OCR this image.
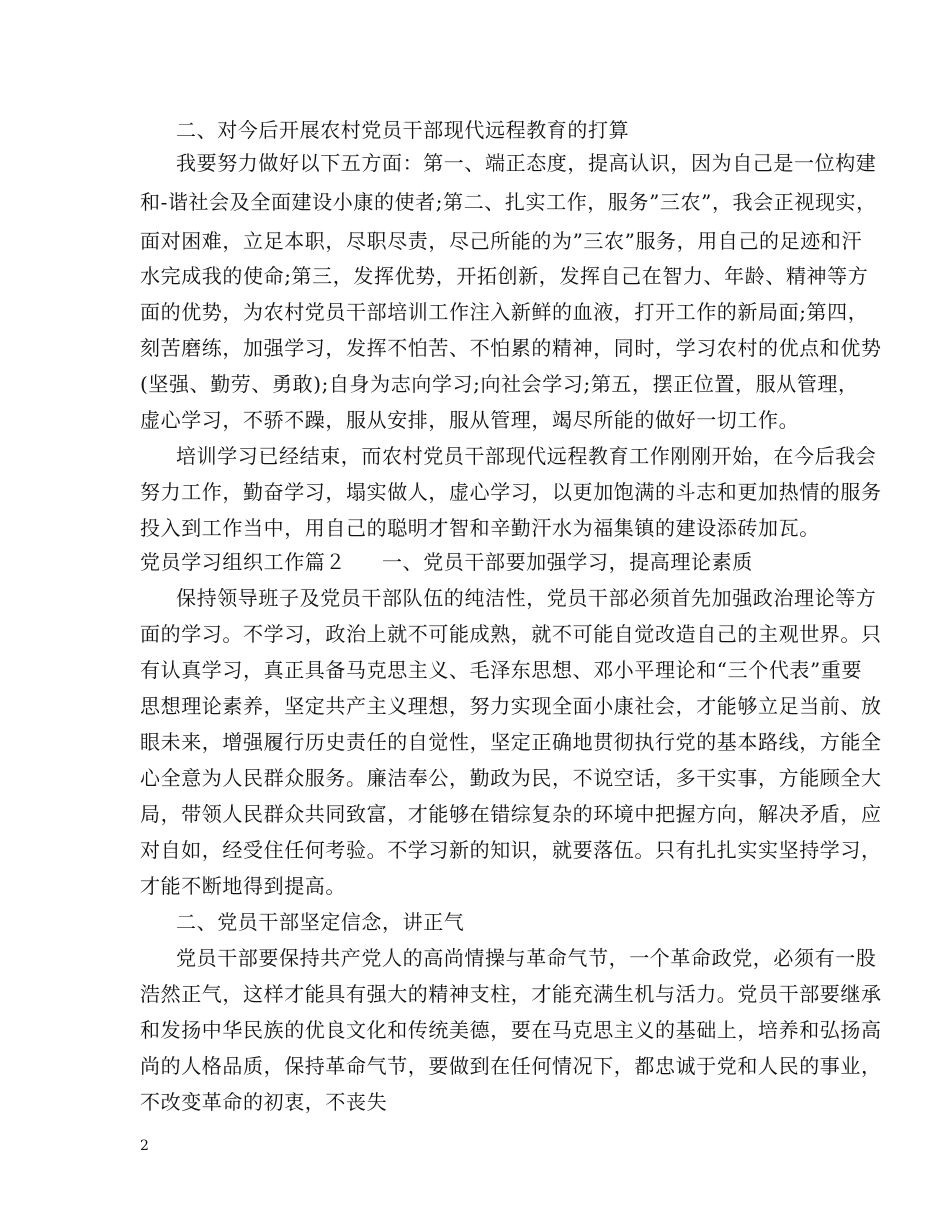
二、对今后开展农村党员干部现代远程教育的打算
我要努力做好以下五方面：第一、端正态度，提高认识，因为自己是一位构建
和-谐社会及全面建设小康的使者;第二、扎实工作，服务”三农”，我会正视现实，
面对困难，立足本职，尽职尽责，尽己所能的为”三农”服务，用自己的足迹和汗
水完成我的使命;第三，发挥优势，开拓创新，发挥自己在智力、年龄、精神等方
面的优势，为农村党员干部培训工作注入新鲜的血液，打开工作的新局面;第四，
刻苦磨练，加强学习，发挥不怕苦、不怕累的精神，同时，学习农村的优点和优势
(坚强、勤劳、勇敢);自身为志向学习;向社会学习;第五，摆正位置，服从管理，
虚心学习，不骄不躁，服从安排，服从管理，竭尽所能的做好一切工作。
培训学习已经结束，而农村党员干部现代远程教育工作刚刚开始，在今后我会
努力工作，勤奋学习，塌实做人，虚心学习，以更加饱满的斗志和更加热情的服务
投入到工作当中，用自己的聪明才智和辛勤汗水为福集镇的建设添砖加瓦。
党员学习组织工作篇２ 一、党员干部要加强学习，提高理论素质
保持领导班子及党员干部队伍的纯洁性，党员干部必须首先加强政治理论等方
面的学习。不学习，政治上就不可能成熟，就不可能自觉改造自己的主观世界。只
有认真学习，真正具备马克思主义、毛泽东思想、邓小平理论和“三个代表”重要
思想理论素养，坚定共产主义理想，努力实现全面小康社会，才能够立足当前、放
眼未来，增强履行历史责任的自觉性，坚定正确地贯彻执行党的基本路线，方能全
心全意为人民群众服务。廉洁奉公，勤政为民，不说空话，多干实事，方能顾全大
局，带领人民群众共同致富，才能够在错综复杂的环境中把握方向，解决矛盾，应
对自如，经受住任何考验。不学习新的知识，就要落伍。只有扎扎实实坚持学习，
才能不断地得到提高。
二、党员干部坚定信念，讲正气
党员干部要保持共产党人的高尚情操与革命气节，一个革命政党，必须有一股
浩然正气，这样才能具有强大的精神支柱，才能充满生机与活力。党员干部要继承
和发扬中华民族的优良文化和传统美德，要在马克思主义的基础上，培养和弘扬高
尚的人格品质，保持革命气节，要做到在任何情况下，都忠诚于党和人民的事业，
不改变革命的初衷，不丧失
2
